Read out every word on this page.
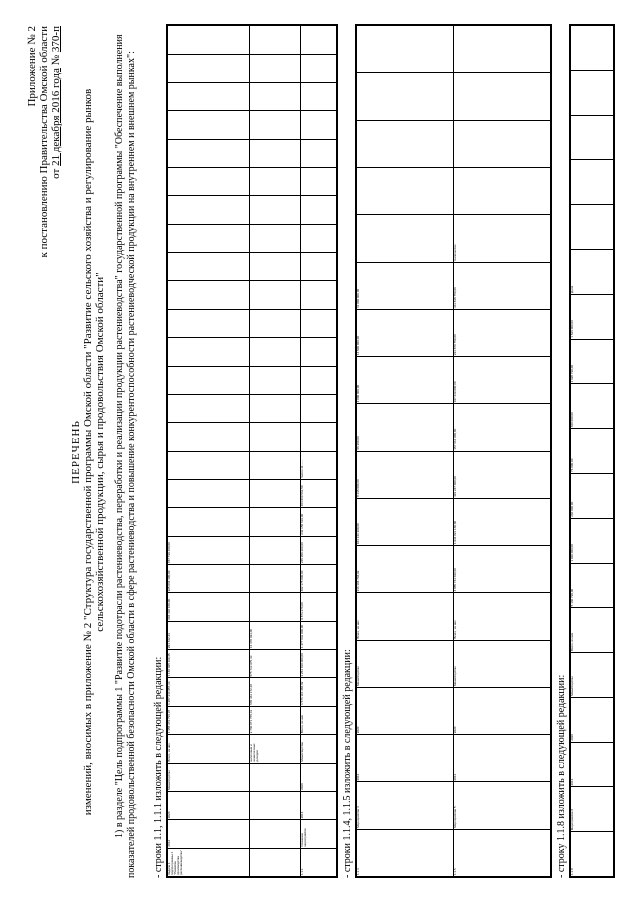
Приложение № 2 к постановлению Правительства Омской области от 21 декабря 2016 года № 370-п
ПЕРЕЧЕНЬ изменений, вносимых в приложение № 2 "Структура государственной программы Омской области "Развитие сельского хозяйства и регулирование рынков сельскохозяйственной продукции, сырья и продовольствия Омской области" 1) в разделе "Цель подпрограммы 1 "Развитие подотрасли растениеводства, переработки и реализации продукции растениеводства" государственной программы "Обеспечение выполнения показателей продовольственной безопасности Омской области в сфере растениеводства и повышение конкурентоспособности растениеводческой продукции на внутреннем и внешнем рынках": - строки 1.1, 1.1.1 изложить в следующей редакции: Задача 1 подпрограммы 1 "Развитие производства растениеводства"	2014	2020	Министерство	Всего, из них	1 355 372 736,97	1 287 244 957,34	1 140 495 110,45	291 612,43	204 436 100,00	225 064 100,00	157 739 160,00																		
				налоговых и неналоговых доходов	2 760 071 765,41	665 442 172,40	575 733 975,43	14 470 493,00																					
1.1.1	Основное мероприятие	2014	2020	Министерство	Всего, из них	1 576 110 488,69	1 254 010 000,00	1 477 032 000,00	9 873 276,00	402 175 000,00	245 950 200,00	242 158 610,00	404 860 562,50	Число 11 - - -															
- строки 1.1.4, 1.1.5 изложить в следующей редакции: 1.1.4	Мероприятие 4	2014	2020	Министерство	Всего, из них	216 104 704,92	184 143 300,00	8 135 000,00	66 300,00	4 000 000,00	14 500 000,00	11 000 000,00					
1.1.5	Мероприятие 5	2014	2020	Министерство	Всего, из них	4 885 741 020,00	1 944 021 160,00	493 247 000,00	157 641 000,00	197 639 000,00	221 870 750,00	311 818 750,00	Количество				
- строку 1.1.8 изложить в следующей редакции: 1.1.8	Мероприятие 8	2014	2020	Министерство	Всего, из них	5 160 720,00	1 020 000,00	260 000,00	74 000,00	660 000,00	1 620 720,00	1 526 000,00	Доля					
